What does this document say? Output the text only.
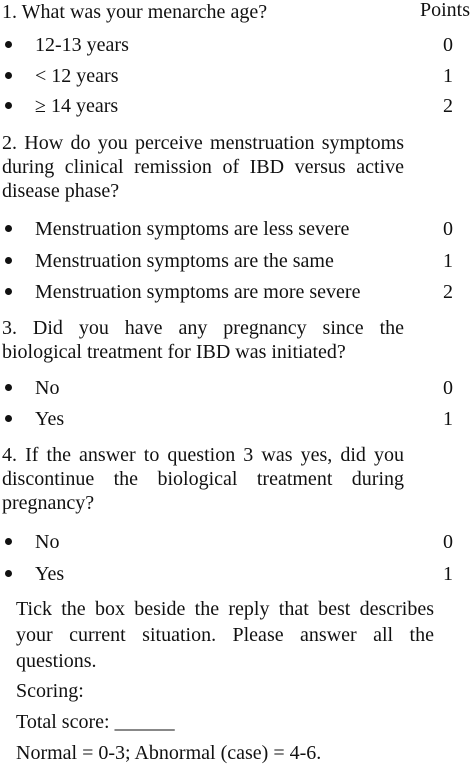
Points
1. What was your menarche age?
12-13 years	0
< 12 years	1
≥ 14 years	2
2. How do you perceive menstruation symptoms during clinical remission of IBD versus active disease phase?
Menstruation symptoms are less severe	0
Menstruation symptoms are the same	1
Menstruation symptoms are more severe	2
3. Did you have any pregnancy since the biological treatment for IBD was initiated?
No	0
Yes	1
4. If the answer to question 3 was yes, did you discontinue the biological treatment during pregnancy?
No	0
Yes	1
Tick the box beside the reply that best describes your current situation. Please answer all the questions.
Scoring:
Total score: ______
Normal = 0-3; Abnormal (case) = 4-6.
